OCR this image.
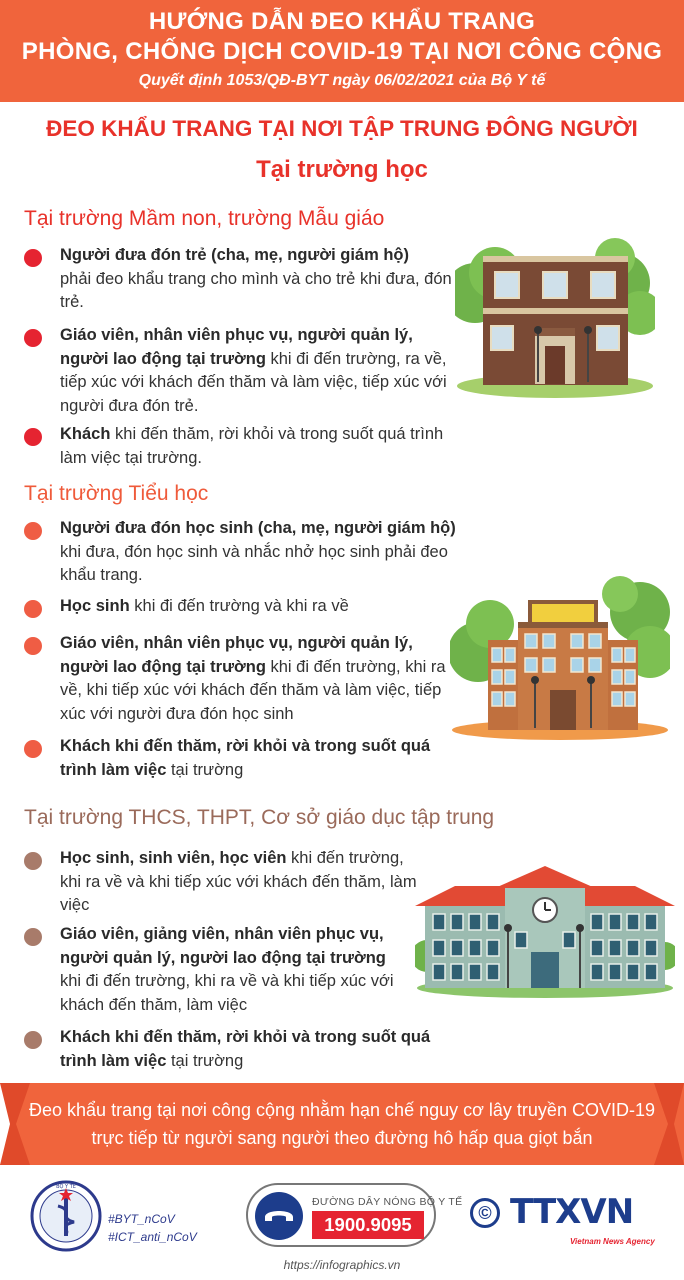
HƯỚNG DẪN ĐEO KHẨU TRANG
PHÒNG, CHỐNG DỊCH COVID-19 TẠI NƠI CÔNG CỘNG
Quyết định 1053/QĐ-BYT ngày 06/02/2021 của Bộ Y tế
ĐEO KHẨU TRANG TẠI NƠI TẬP TRUNG ĐÔNG NGƯỜI
Tại trường học
Tại trường Mầm non, trường Mẫu giáo
Người đưa đón trẻ (cha, mẹ, người giám hộ)
phải đeo khẩu trang cho mình và cho trẻ khi đưa, đón trẻ.
Giáo viên, nhân viên phục vụ, người quản lý, người lao động tại trường khi đi đến trường, ra về, tiếp xúc với khách đến thăm và làm việc, tiếp xúc với người đưa đón trẻ.
Khách khi đến thăm, rời khỏi và trong suốt quá trình làm việc tại trường.
Tại trường Tiểu học
Người đưa đón học sinh (cha, mẹ, người giám hộ)
khi đưa, đón học sinh và nhắc nhở học sinh phải đeo khẩu trang.
Học sinh khi đi đến trường và khi ra về
Giáo viên, nhân viên phục vụ, người quản lý, người lao động tại trường khi đi đến trường, khi ra về, khi tiếp xúc với khách đến thăm và làm việc, tiếp xúc với người đưa đón học sinh
Khách khi đến thăm, rời khỏi và trong suốt quá trình làm việc tại trường
Tại trường THCS, THPT, Cơ sở giáo dục tập trung
Học sinh, sinh viên, học viên khi đến trường, khi ra về và khi tiếp xúc với khách đến thăm, làm việc
Giáo viên, giảng viên, nhân viên phục vụ, người quản lý, người lao động tại trường
khi đi đến trường, khi ra về và khi tiếp xúc với khách đến thăm, làm việc
Khách khi đến thăm, rời khỏi và trong suốt quá trình làm việc tại trường
Đeo khẩu trang tại nơi công cộng nhằm hạn chế nguy cơ lây truyền COVID-19
trực tiếp từ người sang người theo đường hô hấp qua giọt bắn
BỘ Y TẾ
#BYT_nCoV
#ICT_anti_nCoV
ĐƯỜNG DÂY NÓNG BỘ Y TẾ
1900.9095
© TTXVN
Vietnam News Agency
https://infographics.vn
